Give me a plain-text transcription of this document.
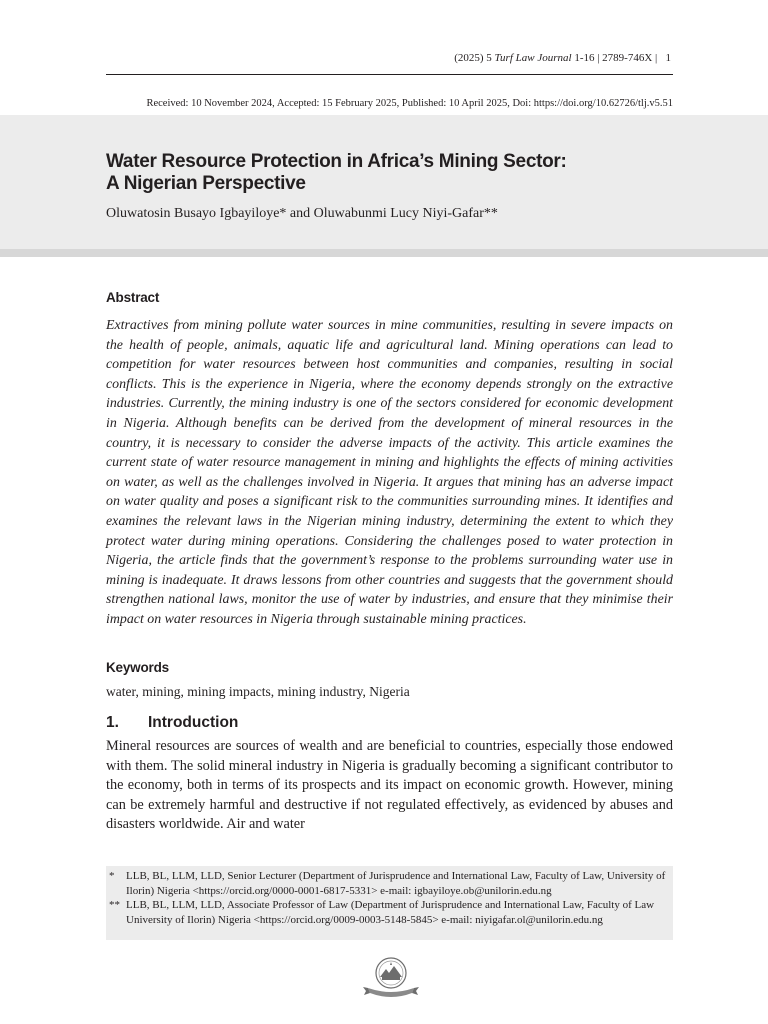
(2025) 5 Turf Law Journal 1-16 | 2789-746X | 1
Received: 10 November 2024, Accepted: 15 February 2025, Published: 10 April 2025, Doi: https://doi.org/10.62726/tlj.v5.51
Water Resource Protection in Africa’s Mining Sector:
A Nigerian Perspective
Oluwatosin Busayo Igbayiloye* and Oluwabunmi Lucy Niyi-Gafar**
Abstract

Extractives from mining pollute water sources in mine communities, resulting in severe impacts on the health of people, animals, aquatic life and agricultural land. Mining operations can lead to competition for water resources between host communities and companies, resulting in social conflicts. This is the experience in Nigeria, where the economy depends strongly on the extractive industries. Currently, the mining industry is one of the sectors considered for economic development in Nigeria. Although benefits can be derived from the development of mineral resources in the country, it is necessary to consider the adverse impacts of the activity. This article examines the current state of water resource management in mining and highlights the effects of mining activities on water, as well as the challenges involved in Nigeria. It argues that mining has an adverse impact on water quality and poses a significant risk to the communities surrounding mines. It identifies and examines the relevant laws in the Nigerian mining industry, determining the extent to which they protect water during mining operations. Considering the challenges posed to water protection in Nigeria, the article finds that the government’s response to the problems surrounding water use in mining is inadequate. It draws lessons from other countries and suggests that the government should strengthen national laws, monitor the use of water by industries, and ensure that they minimise their impact on water resources in Nigeria through sustainable mining practices.

Keywords

water, mining, mining impacts, mining industry, Nigeria

1. Introduction

Mineral resources are sources of wealth and are beneficial to countries, especially those endowed with them. The solid mineral industry in Nigeria is gradually becoming a significant contributor to the economy, both in terms of its prospects and its impact on economic growth. However, mining can be extremely harmful and destructive if not regulated effectively, as evidenced by abuses and disasters worldwide. Air and water

* LLB, BL, LLM, LLD, Senior Lecturer (Department of Jurisprudence and International Law, Faculty of Law, University of Ilorin) Nigeria <https://orcid.org/0000-0001-6817-5331> e-mail: igbayiloye.ob@unilorin.edu.ng
** LLB, BL, LLM, LLD, Associate Professor of Law (Department of Jurisprudence and International Law, Faculty of Law University of Ilorin) Nigeria <https://orcid.org/0009-0003-5148-5845> e-mail: niyigafar.ol@unilorin.edu.ng
